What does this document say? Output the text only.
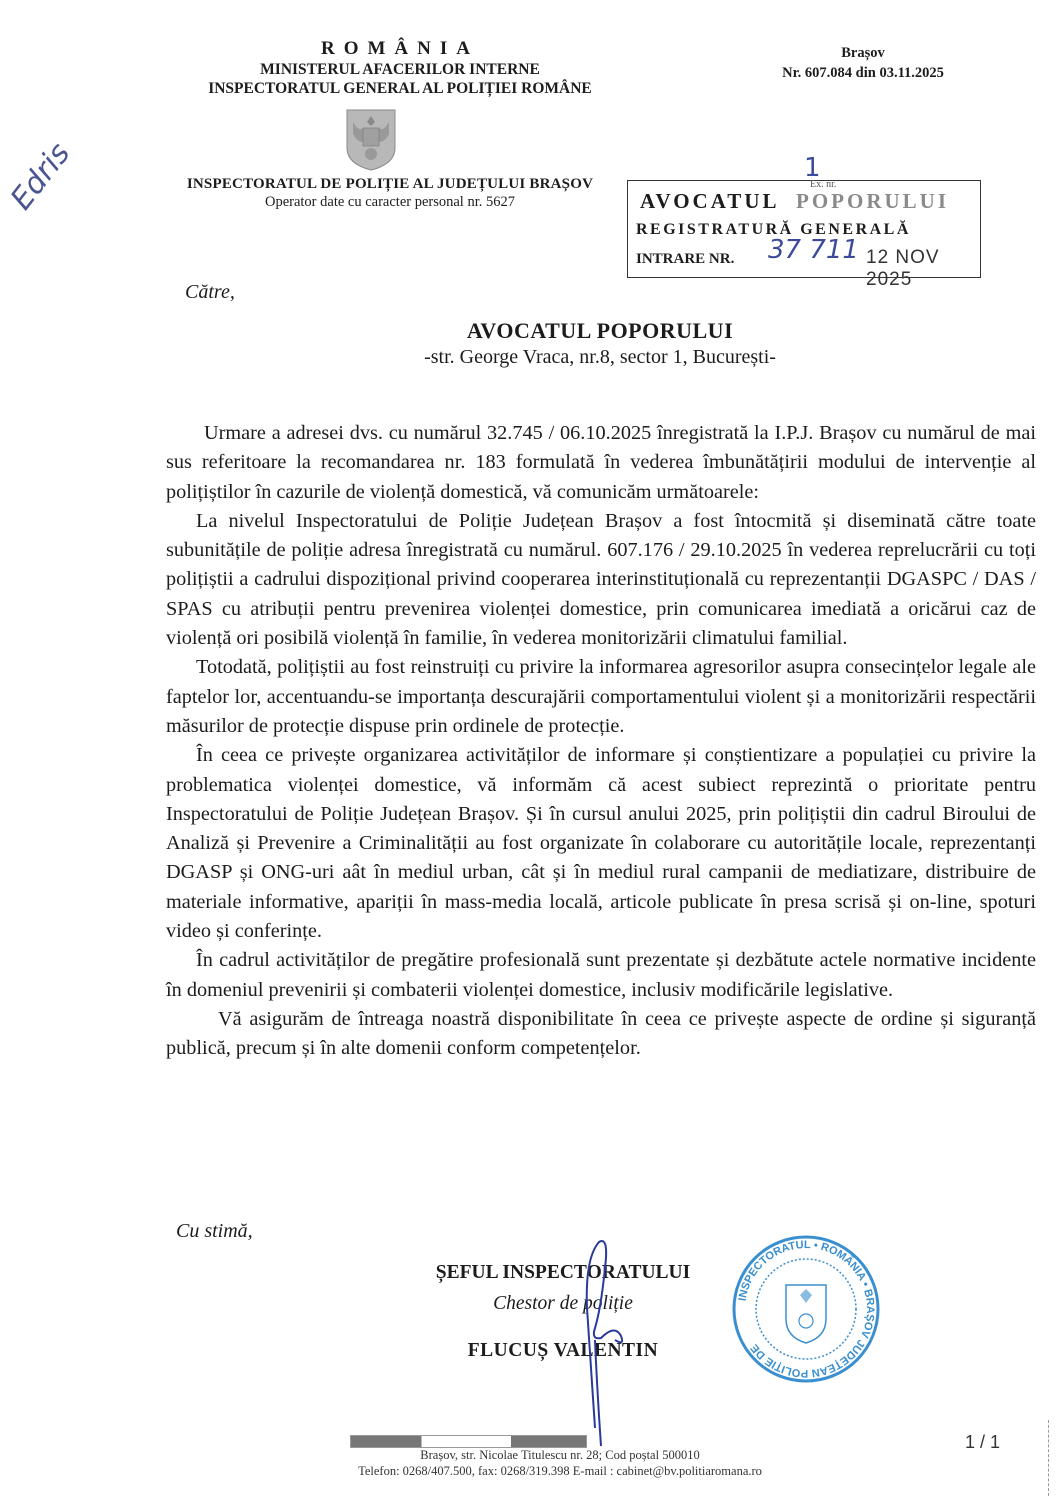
ROMÂNIA
MINISTERUL AFACERILOR INTERNE
INSPECTORATUL GENERAL AL POLIȚIEI ROMÂNE
INSPECTORATUL DE POLIȚIE AL JUDEȚULUI BRAȘOV
Operator date cu caracter personal nr. 5627
Brașov
Nr. 607.084 din 03.11.2025
1
Ex. nr.
AVOCATUL POPORULUI
REGISTRATURĂ GENERALĂ
INTRARE NR. 37 711 12 NOV 2025
Edris
Către,
AVOCATUL POPORULUI
-str. George Vraca, nr.8, sector 1, București-

Urmare a adresei dvs. cu numărul 32.745 / 06.10.2025 înregistrată la I.P.J. Brașov cu numărul de mai sus referitoare la recomandarea nr. 183 formulată în vederea îmbunătățirii modului de intervenție al polițiștilor în cazurile de violență domestică, vă comunicăm următoarele:

La nivelul Inspectoratului de Poliție Județean Brașov a fost întocmită și diseminată către toate subunitățile de poliție adresa înregistrată cu numărul. 607.176 / 29.10.2025 în vederea reprelucrării cu toți polițiștii a cadrului dispozițional privind cooperarea interinstituțională cu reprezentanții DGASPC / DAS / SPAS cu atribuții pentru prevenirea violenței domestice, prin comunicarea imediată a oricărui caz de violență ori posibilă violență în familie, în vederea monitorizării climatului familial.

Totodată, polițiștii au fost reinstruiți cu privire la informarea agresorilor asupra consecințelor legale ale faptelor lor, accentuandu-se importanța descurajării comportamentului violent și a monitorizării respectării măsurilor de protecție dispuse prin ordinele de protecție.

În ceea ce privește organizarea activităților de informare și conștientizare a populației cu privire la problematica violenței domestice, vă informăm că acest subiect reprezintă o prioritate pentru Inspectoratului de Poliție Județean Brașov. Și în cursul anului 2025, prin polițiștii din cadrul Biroului de Analiză și Prevenire a Criminalității au fost organizate în colaborare cu autoritățile locale, reprezentanți DGASP și ONG-uri aât în mediul urban, cât și în mediul rural campanii de mediatizare, distribuire de materiale informative, apariții în mass-media locală, articole publicate în presa scrisă și on-line, spoturi video și conferințe.

În cadrul activităților de pregătire profesională sunt prezentate și dezbătute actele normative incidente în domeniul prevenirii și combaterii violenței domestice, inclusiv modificările legislative.

Vă asigurăm de întreaga noastră disponibilitate în ceea ce privește aspecte de ordine și siguranță publică, precum și în alte domenii conform competențelor.

Cu stimă,
ȘEFUL INSPECTORATULUI
Chestor de poliție
FLUCUȘ VALENTIN
INSPECTORATUL • ROMÂNIA • BRAȘOV JUDEȚEAN POLIȚIE DE
1 / 1
Brașov, str. Nicolae Titulescu nr. 28; Cod poștal 500010
Telefon: 0268/407.500, fax: 0268/319.398 E-mail : cabinet@bv.politiaromana.ro
